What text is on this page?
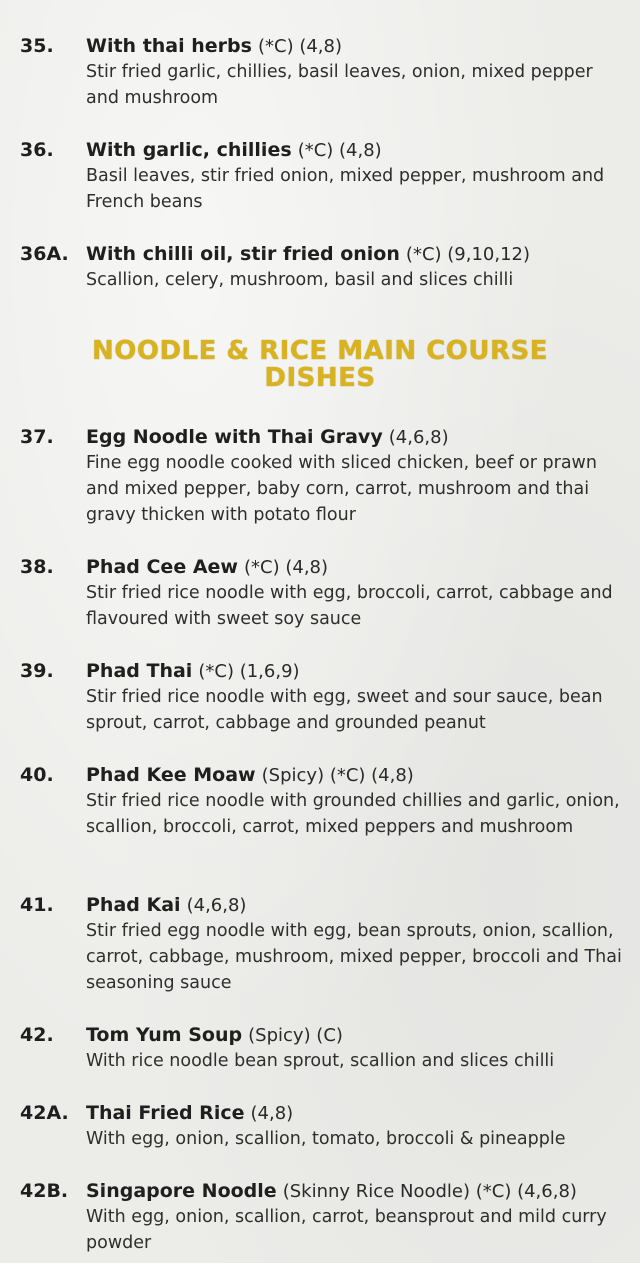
35. With thai herbs (*C) (4,8)
Stir fried garlic, chillies, basil leaves, onion, mixed pepper and mushroom
36. With garlic, chillies (*C) (4,8)
Basil leaves, stir fried onion, mixed pepper, mushroom and French beans
36A. With chilli oil, stir fried onion (*C) (9,10,12)
Scallion, celery, mushroom, basil and slices chilli
NOODLE & RICE MAIN COURSE
DISHES
37. Egg Noodle with Thai Gravy (4,6,8)
Fine egg noodle cooked with sliced chicken, beef or prawn and mixed pepper, baby corn, carrot, mushroom and thai gravy thicken with potato flour
38. Phad Cee Aew (*C) (4,8)
Stir fried rice noodle with egg, broccoli, carrot, cabbage and flavoured with sweet soy sauce
39. Phad Thai (*C) (1,6,9)
Stir fried rice noodle with egg, sweet and sour sauce, bean sprout, carrot, cabbage and grounded peanut
40. Phad Kee Moaw (Spicy) (*C) (4,8)
Stir fried rice noodle with grounded chillies and garlic, onion, scallion, broccoli, carrot, mixed peppers and mushroom
41. Phad Kai (4,6,8)
Stir fried egg noodle with egg, bean sprouts, onion, scallion, carrot, cabbage, mushroom, mixed pepper, broccoli and Thai seasoning sauce
42. Tom Yum Soup (Spicy) (C)
With rice noodle bean sprout, scallion and slices chilli
42A. Thai Fried Rice (4,8)
With egg, onion, scallion, tomato, broccoli & pineapple
42B. Singapore Noodle (Skinny Rice Noodle) (*C) (4,6,8)
With egg, onion, scallion, carrot, beansprout and mild curry powder
